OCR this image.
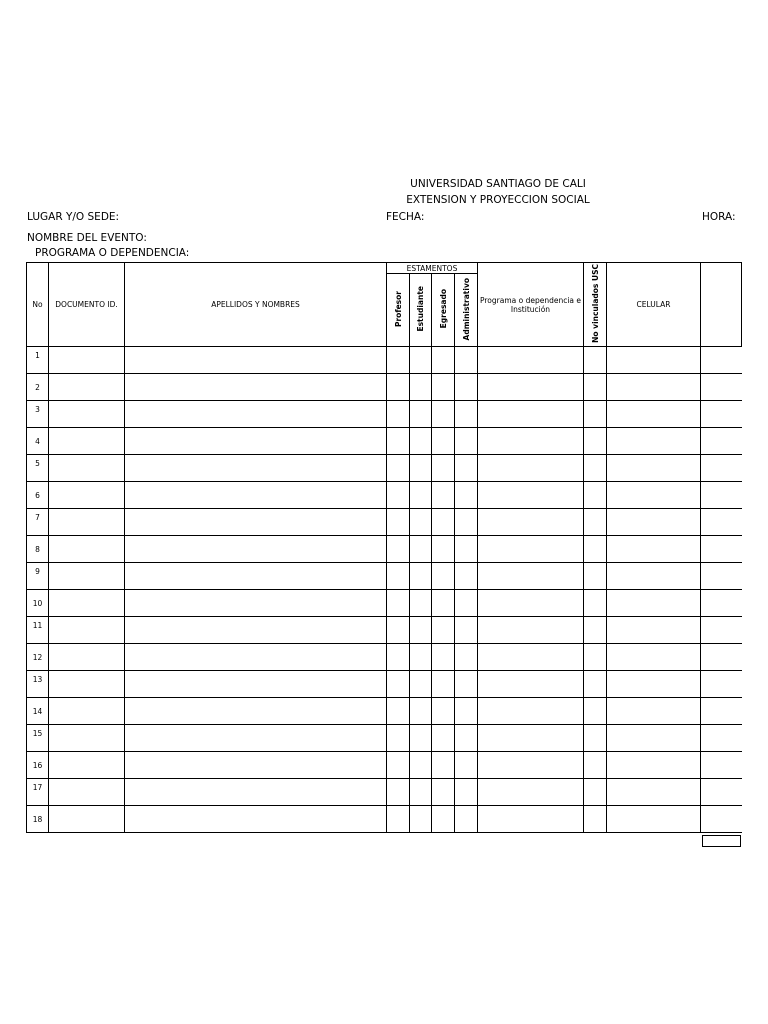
UNIVERSIDAD SANTIAGO DE CALI
EXTENSION Y PROYECCION SOCIAL
LUGAR Y/O SEDE:	FECHA:	HORA:
NOMBRE DEL EVENTO:
PROGRAMA O DEPENDENCIA:
No	DOCUMENTO ID.	APELLIDOS Y NOMBRES	ESTAMENTOS				Programa o dependencia e Institución	No vinculados USC	CELULAR	
			Profesor	Estudiante	Egresado	Administrativo				
1										
2										
3										
4										
5										
6										
7										
8										
9										
10										
11										
12										
13										
14										
15										
16										
17										
18										
